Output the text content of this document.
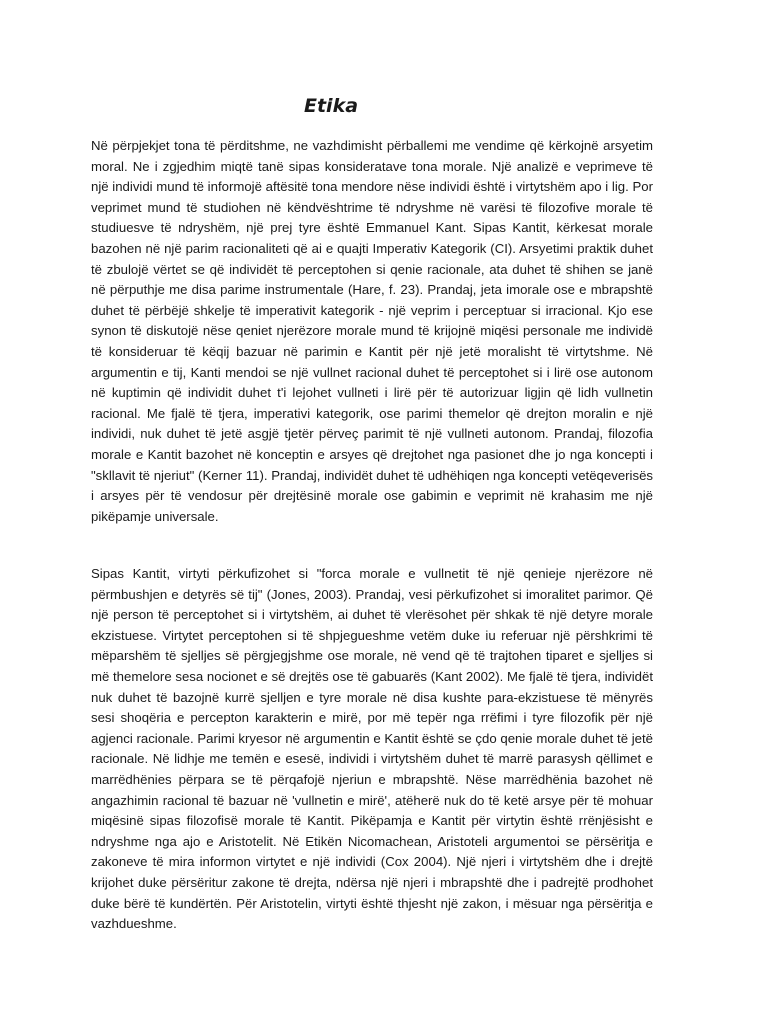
Etika

Në përpjekjet tona të përditshme, ne vazhdimisht përballemi me vendime që kërkojnë arsyetim moral. Ne i zgjedhim miqtë tanë sipas konsideratave tona morale. Një analizë e veprimeve të një individi mund të informojë aftësitë tona mendore nëse individi është i virtytshëm apo i lig. Por veprimet mund të studiohen në këndvështrime të ndryshme në varësi të filozofive morale të studiuesve të ndryshëm, një prej tyre është Emmanuel Kant. Sipas Kantit, kërkesat morale bazohen në një parim racionaliteti që ai e quajti Imperativ Kategorik (CI). Arsyetimi praktik duhet të zbulojë vërtet se që individët të perceptohen si qenie racionale, ata duhet të shihen se janë në përputhje me disa parime instrumentale (Hare, f. 23). Prandaj, jeta imorale ose e mbrapshtë duhet të përbëjë shkelje të imperativit kategorik - një veprim i perceptuar si irracional. Kjo ese synon të diskutojë nëse qeniet njerëzore morale mund të krijojnë miqësi personale me individë të konsideruar të këqij bazuar në parimin e Kantit për një jetë moralisht të virtytshme. Në argumentin e tij, Kanti mendoi se një vullnet racional duhet të perceptohet si i lirë ose autonom në kuptimin që individit duhet t'i lejohet vullneti i lirë për të autorizuar ligjin që lidh vullnetin racional. Me fjalë të tjera, imperativi kategorik, ose parimi themelor që drejton moralin e një individi, nuk duhet të jetë asgjë tjetër përveç parimit të një vullneti autonom. Prandaj, filozofia morale e Kantit bazohet në konceptin e arsyes që drejtohet nga pasionet dhe jo nga koncepti i "skllavit të njeriut" (Kerner 11). Prandaj, individët duhet të udhëhiqen nga koncepti vetëqeverisës i arsyes për të vendosur për drejtësinë morale ose gabimin e veprimit në krahasim me një pikëpamje universale.

Sipas Kantit, virtyti përkufizohet si "forca morale e vullnetit të një qenieje njerëzore në përmbushjen e detyrës së tij" (Jones, 2003). Prandaj, vesi përkufizohet si imoralitet parimor. Që një person të perceptohet si i virtytshëm, ai duhet të vlerësohet për shkak të një detyre morale ekzistuese. Virtytet perceptohen si të shpjegueshme vetëm duke iu referuar një përshkrimi të mëparshëm të sjelljes së përgjegjshme ose morale, në vend që të trajtohen tiparet e sjelljes si më themelore sesa nocionet e së drejtës ose të gabuarës (Kant 2002). Me fjalë të tjera, individët nuk duhet të bazojnë kurrë sjelljen e tyre morale në disa kushte para-ekzistuese të mënyrës sesi shoqëria e percepton karakterin e mirë, por më tepër nga rrëfimi i tyre filozofik për një agjenci racionale. Parimi kryesor në argumentin e Kantit është se çdo qenie morale duhet të jetë racionale. Në lidhje me temën e esesë, individi i virtytshëm duhet të marrë parasysh qëllimet e marrëdhënies përpara se të përqafojë njeriun e mbrapshtë. Nëse marrëdhënia bazohet në angazhimin racional të bazuar në 'vullnetin e mirë', atëherë nuk do të ketë arsye për të mohuar miqësinë sipas filozofisë morale të Kantit. Pikëpamja e Kantit për virtytin është rrënjësisht e ndryshme nga ajo e Aristotelit. Në Etikën Nicomachean, Aristoteli argumentoi se përsëritja e zakoneve të mira informon virtytet e një individi (Cox 2004). Një njeri i virtytshëm dhe i drejtë krijohet duke përsëritur zakone të drejta, ndërsa një njeri i mbrapshtë dhe i padrejtë prodhohet duke bërë të kundërtën. Për Aristotelin, virtyti është thjesht një zakon, i mësuar nga përsëritja e vazhdueshme.
